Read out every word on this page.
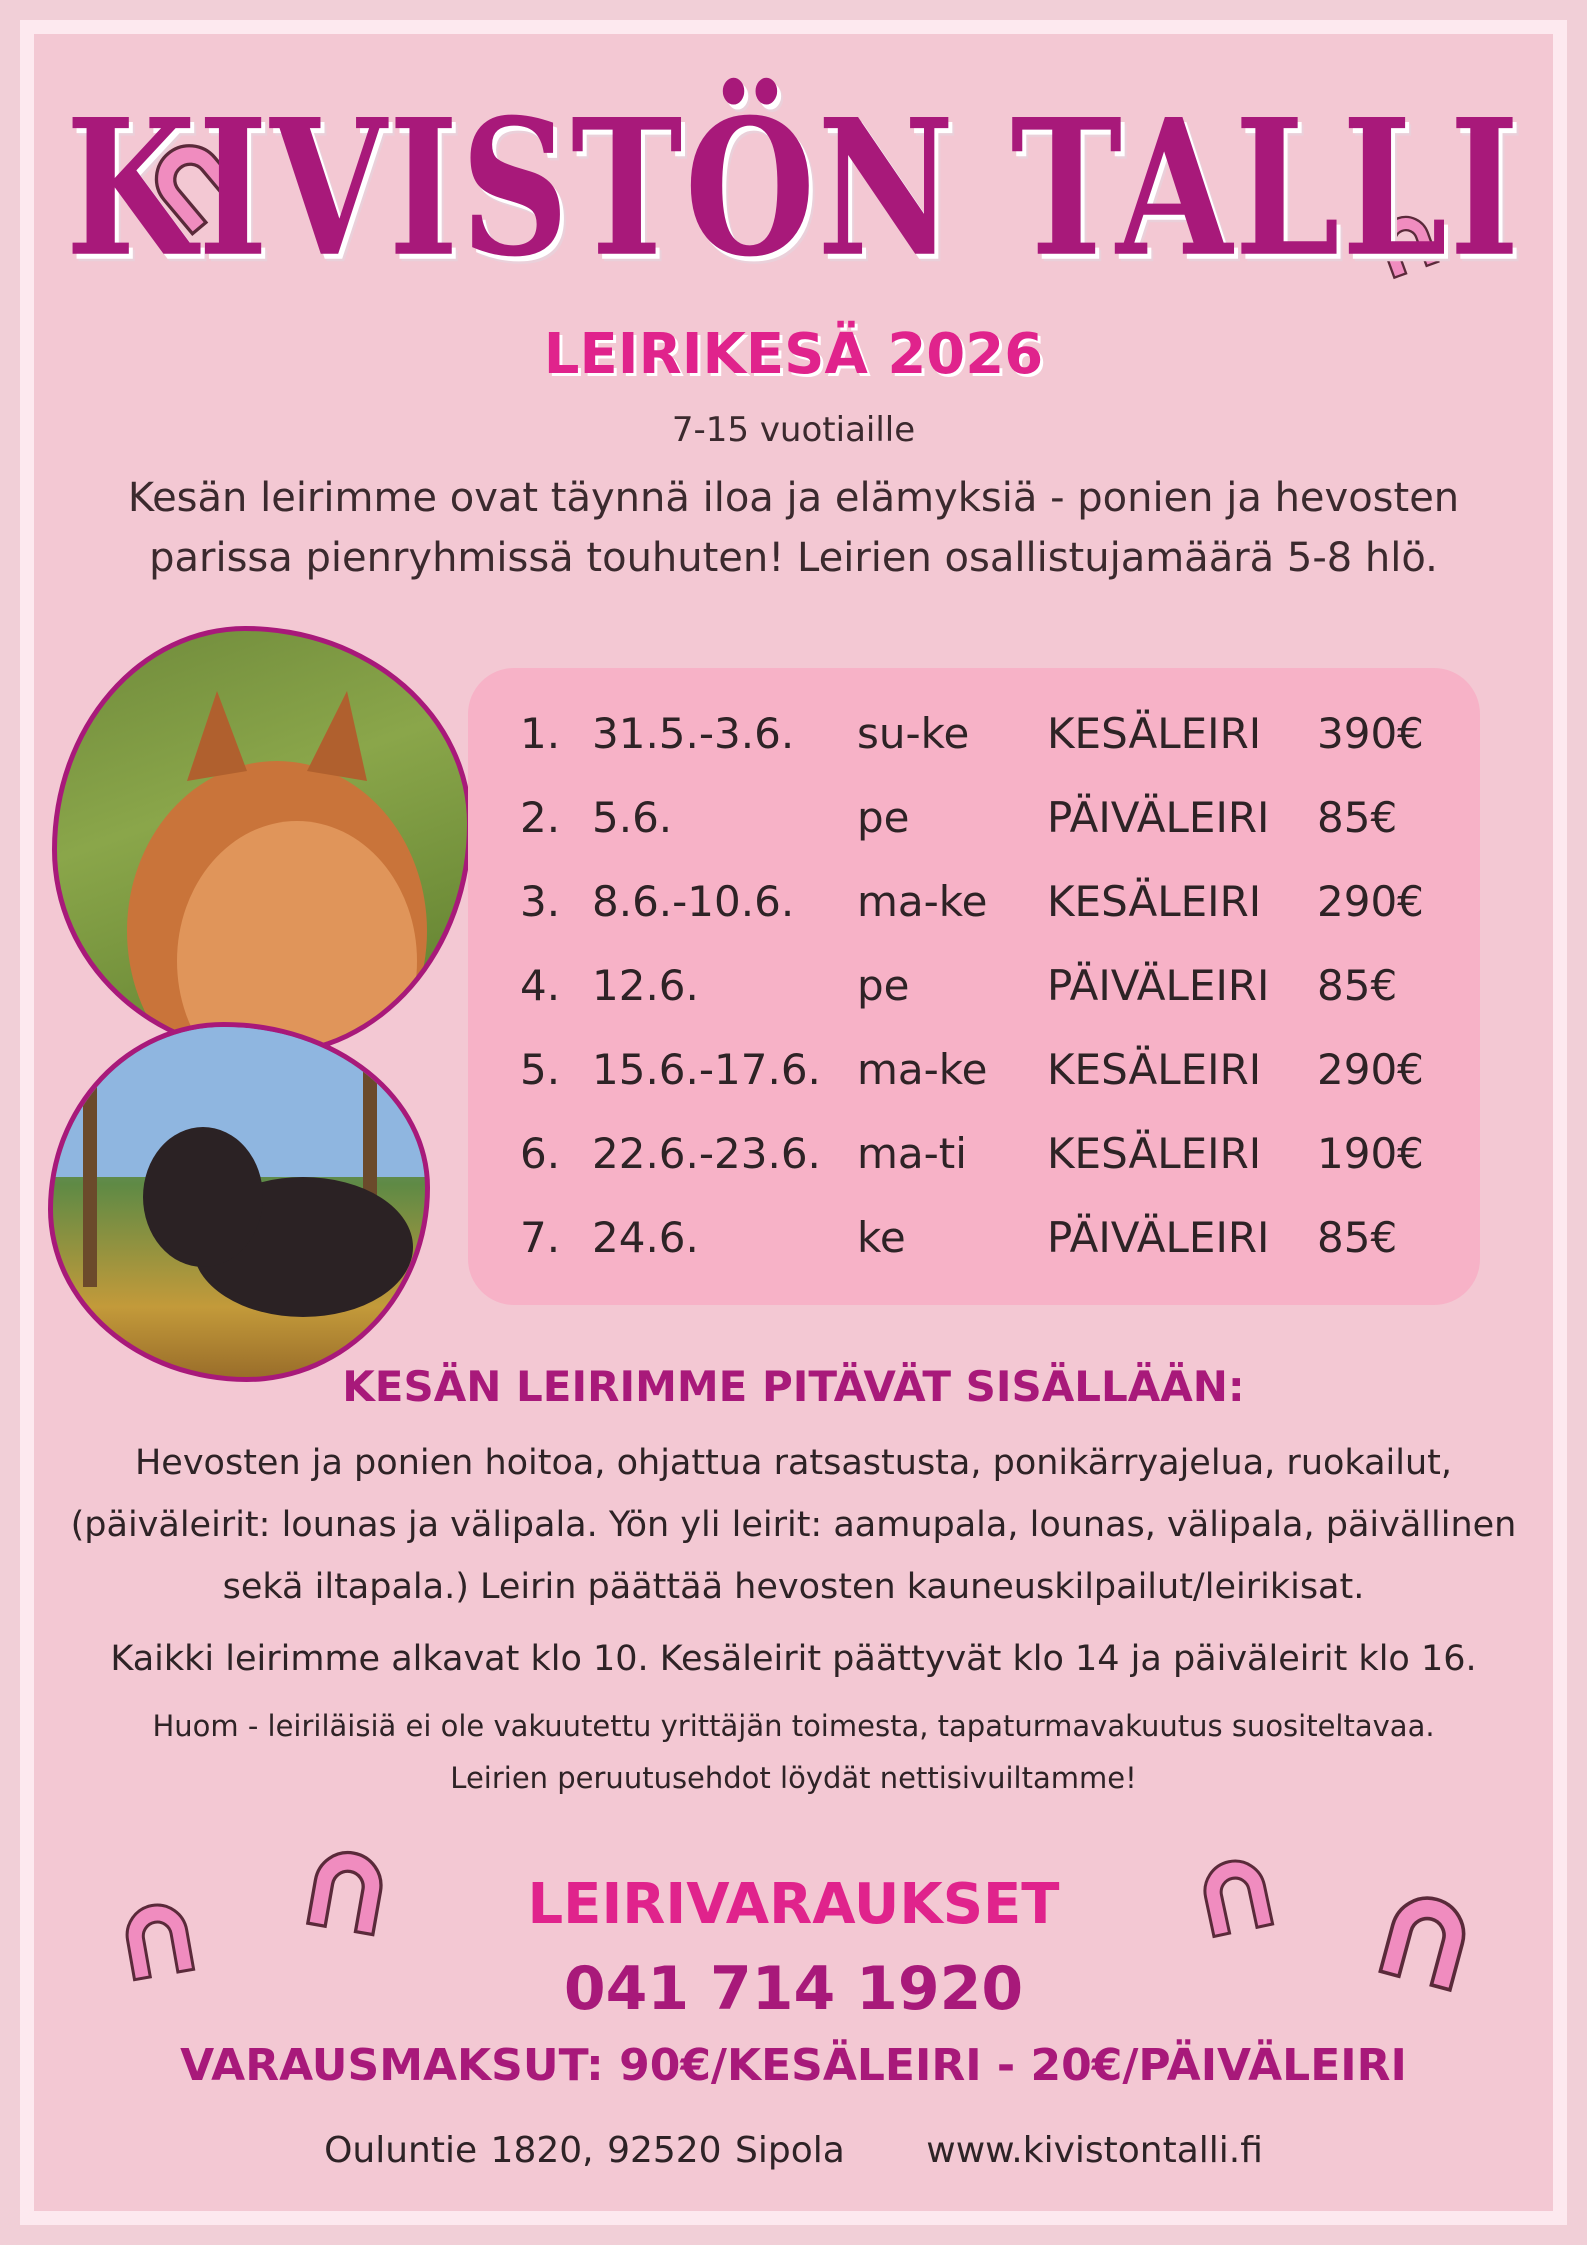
KIVISTÖN TALLI
LEIRIKESÄ 2026
7-15 vuotiaille
Kesän leirimme ovat täynnä iloa ja elämyksiä - ponien ja hevosten
parissa pienryhmissä touhuten! Leirien osallistujamäärä 5-8 hlö.
1. 31.5.-3.6.	su-ke	KESÄLEIRI	390€
2. 5.6.	pe	PÄIVÄLEIRI	85€
3. 8.6.-10.6.	ma-ke	KESÄLEIRI	290€
4. 12.6.	pe	PÄIVÄLEIRI	85€
5. 15.6.-17.6. ma-ke	KESÄLEIRI	290€
6. 22.6.-23.6. ma-ti	KESÄLEIRI	190€
7. 24.6.	ke	PÄIVÄLEIRI	85€
KESÄN LEIRIMME PITÄVÄT SISÄLLÄÄN:
Hevosten ja ponien hoitoa, ohjattua ratsastusta, ponikärryajelua, ruokailut,
(päiväleirit: lounas ja välipala. Yön yli leirit: aamupala, lounas, välipala, päivällinen
sekä iltapala.) Leirin päättää hevosten kauneuskilpailut/leirikisat.
Kaikki leirimme alkavat klo 10. Kesäleirit päättyvät klo 14 ja päiväleirit klo 16.
Huom - leiriläisiä ei ole vakuutettu yrittäjän toimesta, tapaturmavakuutus suositeltavaa.
Leirien peruutusehdot löydät nettisivuiltamme!
LEIRIVARAUKSET
041 714 1920
VARAUSMAKSUT: 90€/KESÄLEIRI - 20€/PÄIVÄLEIRI
Oulunti​e 1820, 92520 Sipola www.kivistontalli.fi
